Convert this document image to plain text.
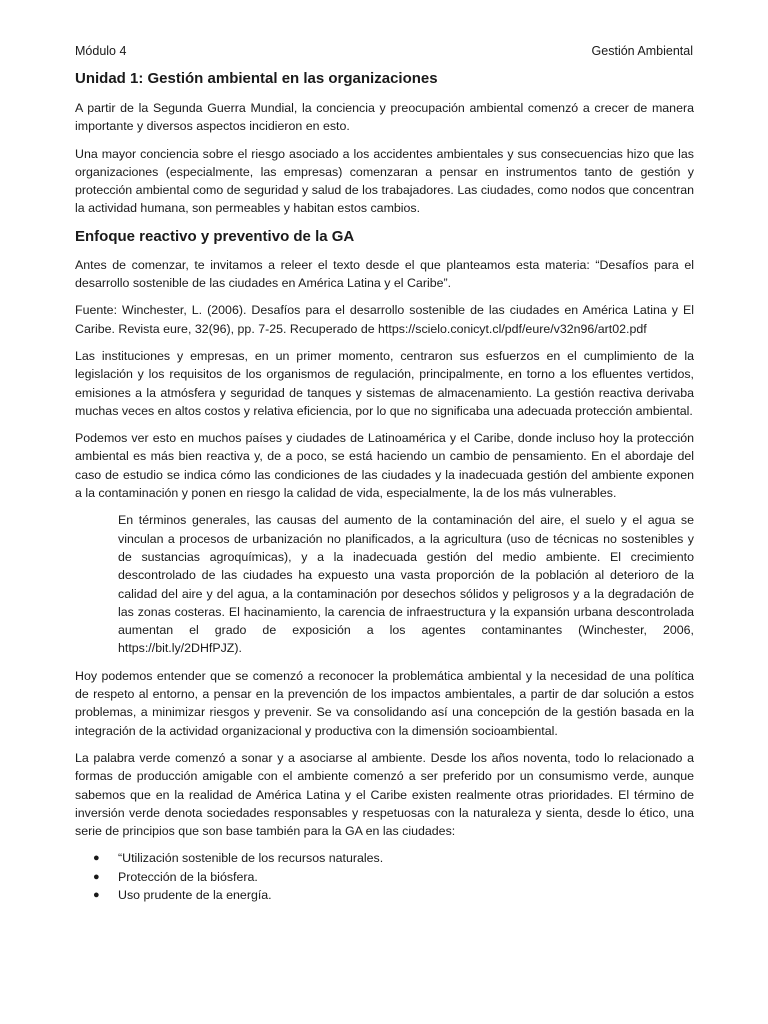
Módulo 4	Gestión Ambiental
Unidad 1: Gestión ambiental en las organizaciones

A partir de la Segunda Guerra Mundial, la conciencia y preocupación ambiental comenzó a crecer de manera importante y diversos aspectos incidieron en esto.

Una mayor conciencia sobre el riesgo asociado a los accidentes ambientales y sus consecuencias hizo que las organizaciones (especialmente, las empresas) comenzaran a pensar en instrumentos tanto de gestión y protección ambiental como de seguridad y salud de los trabajadores. Las ciudades, como nodos que concentran la actividad humana, son permeables y habitan estos cambios.

Enfoque reactivo y preventivo de la GA

Antes de comenzar, te invitamos a releer el texto desde el que planteamos esta materia: “Desafíos para el desarrollo sostenible de las ciudades en América Latina y el Caribe”.

Fuente: Winchester, L. (2006). Desafíos para el desarrollo sostenible de las ciudades en América Latina y El Caribe. Revista eure, 32(96), pp. 7-25. Recuperado de https://scielo.conicyt.cl/pdf/eure/v32n96/art02.pdf

Las instituciones y empresas, en un primer momento, centraron sus esfuerzos en el cumplimiento de la legislación y los requisitos de los organismos de regulación, principalmente, en torno a los efluentes vertidos, emisiones a la atmósfera y seguridad de tanques y sistemas de almacenamiento. La gestión reactiva derivaba muchas veces en altos costos y relativa eficiencia, por lo que no significaba una adecuada protección ambiental.

Podemos ver esto en muchos países y ciudades de Latinoamérica y el Caribe, donde incluso hoy la protección ambiental es más bien reactiva y, de a poco, se está haciendo un cambio de pensamiento. En el abordaje del caso de estudio se indica cómo las condiciones de las ciudades y la inadecuada gestión del ambiente exponen a la contaminación y ponen en riesgo la calidad de vida, especialmente, la de los más vulnerables.

En términos generales, las causas del aumento de la contaminación del aire, el suelo y el agua se vinculan a procesos de urbanización no planificados, a la agricultura (uso de técnicas no sostenibles y de sustancias agroquímicas), y a la inadecuada gestión del medio ambiente. El crecimiento descontrolado de las ciudades ha expuesto una vasta proporción de la población al deterioro de la calidad del aire y del agua, a la contaminación por desechos sólidos y peligrosos y a la degradación de las zonas costeras. El hacinamiento, la carencia de infraestructura y la expansión urbana descontrolada aumentan el grado de exposición a los agentes contaminantes (Winchester, 2006, https://bit.ly/2DHfPJZ).

Hoy podemos entender que se comenzó a reconocer la problemática ambiental y la necesidad de una política de respeto al entorno, a pensar en la prevención de los impactos ambientales, a partir de dar solución a estos problemas, a minimizar riesgos y prevenir. Se va consolidando así una concepción de la gestión basada en la integración de la actividad organizacional y productiva con la dimensión socioambiental.

La palabra verde comenzó a sonar y a asociarse al ambiente. Desde los años noventa, todo lo relacionado a formas de producción amigable con el ambiente comenzó a ser preferido por un consumismo verde, aunque sabemos que en la realidad de América Latina y el Caribe existen realmente otras prioridades. El término de inversión verde denota sociedades responsables y respetuosas con la naturaleza y sienta, desde lo ético, una serie de principios que son base también para la GA en las ciudades:

● “Utilización sostenible de los recursos naturales.
● Protección de la biósfera.
● Uso prudente de la energía.
